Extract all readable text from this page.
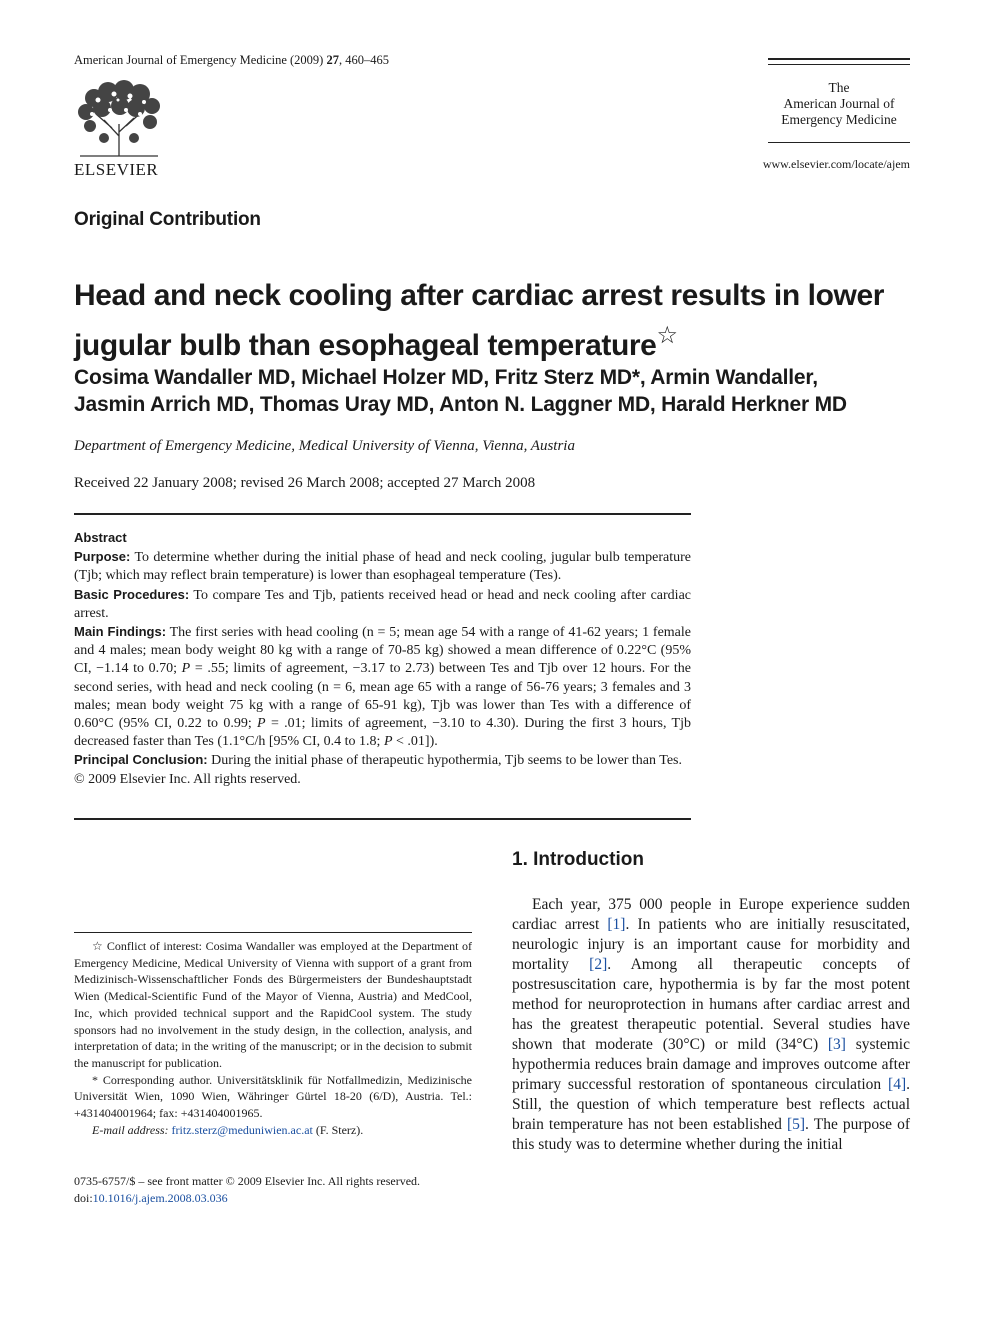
American Journal of Emergency Medicine (2009) 27, 460–465
ELSEVIER
The
American Journal of
Emergency Medicine
www.elsevier.com/locate/ajem
Original Contribution
Head and neck cooling after cardiac arrest results in lower jugular bulb than esophageal temperature☆
Cosima Wandaller MD, Michael Holzer MD, Fritz Sterz MD*, Armin Wandaller,
Jasmin Arrich MD, Thomas Uray MD, Anton N. Laggner MD, Harald Herkner MD
Department of Emergency Medicine, Medical University of Vienna, Vienna, Austria
Received 22 January 2008; revised 26 March 2008; accepted 27 March 2008

Abstract

Purpose: To determine whether during the initial phase of head and neck cooling, jugular bulb temperature (Tjb; which may reflect brain temperature) is lower than esophageal temperature (Tes).

Basic Procedures: To compare Tes and Tjb, patients received head or head and neck cooling after cardiac arrest.

Main Findings: The first series with head cooling (n = 5; mean age 54 with a range of 41-62 years; 1 female and 4 males; mean body weight 80 kg with a range of 70-85 kg) showed a mean difference of 0.22°C (95% CI, −1.14 to 0.70; P = .55; limits of agreement, −3.17 to 2.73) between Tes and Tjb over 12 hours. For the second series, with head and neck cooling (n = 6, mean age 65 with a range of 56-76 years; 3 females and 3 males; mean body weight 75 kg with a range of 65-91 kg), Tjb was lower than Tes with a difference of 0.60°C (95% CI, 0.22 to 0.99; P = .01; limits of agreement, −3.10 to 4.30). During the first 3 hours, Tjb decreased faster than Tes (1.1°C/h [95% CI, 0.4 to 1.8; P < .01]).

Principal Conclusion: During the initial phase of therapeutic hypothermia, Tjb seems to be lower than Tes.

© 2009 Elsevier Inc. All rights reserved.

1. Introduction

Each year, 375 000 people in Europe experience sudden cardiac arrest [1]. In patients who are initially resuscitated, neurologic injury is an important cause for morbidity and mortality [2]. Among all therapeutic concepts of postresuscitation care, hypothermia is by far the most potent method for neuroprotection in humans after cardiac arrest and has the greatest therapeutic potential. Several studies have shown that moderate (30°C) or mild (34°C) [3] systemic hypothermia reduces brain damage and improves outcome after primary successful restoration of spontaneous circulation [4]. Still, the question of which temperature best reflects actual brain temperature has not been established [5]. The purpose of this study was to determine whether during the initial

☆ Conflict of interest: Cosima Wandaller was employed at the Department of Emergency Medicine, Medical University of Vienna with support of a grant from Medizinisch-Wissenschaftlicher Fonds des Bürgermeisters der Bundeshauptstadt Wien (Medical-Scientific Fund of the Mayor of Vienna, Austria) and MedCool, Inc, which provided technical support and the RapidCool system. The study sponsors had no involvement in the study design, in the collection, analysis, and interpretation of data; in the writing of the manuscript; or in the decision to submit the manuscript for publication.

* Corresponding author. Universitätsklinik für Notfallmedizin, Medizinische Universität Wien, 1090 Wien, Währinger Gürtel 18-20 (6/D), Austria. Tel.: +431404001964; fax: +431404001965.

E-mail address: fritz.sterz@meduniwien.ac.at (F. Sterz).

0735-6757/$ – see front matter © 2009 Elsevier Inc. All rights reserved.
doi:10.1016/j.ajem.2008.03.036
